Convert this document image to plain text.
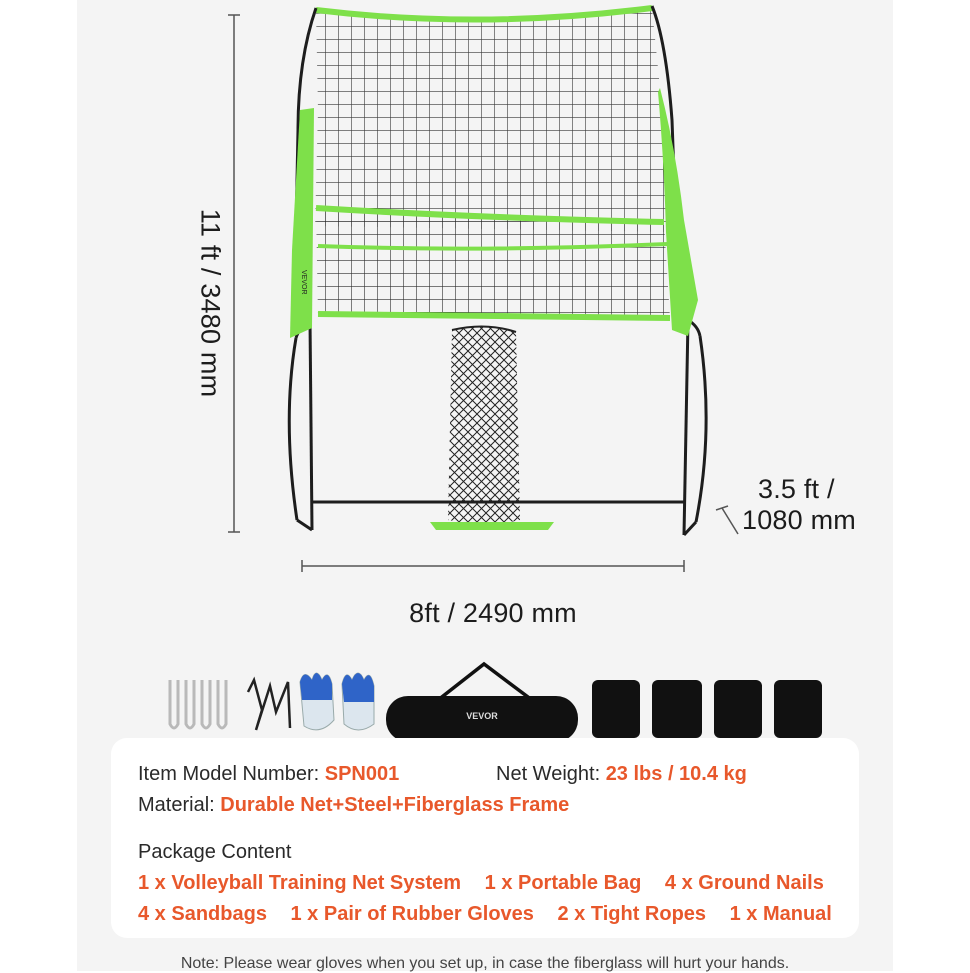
VEVOR
VEVOR
11 ft / 3480 mm
8ft / 2490 mm
3.5 ft /
1080 mm
Item Model Number: SPN001	Net Weight: 23 lbs / 10.4 kg
Material: Durable Net+Steel+Fiberglass Frame
Package Content
1 x Volleyball Training Net System 1 x Portable Bag 4 x Ground Nails
4 x Sandbags 1 x Pair of Rubber Gloves 2 x Tight Ropes 1 x Manual
Note: Please wear gloves when you set up, in case the fiberglass will hurt your hands.
